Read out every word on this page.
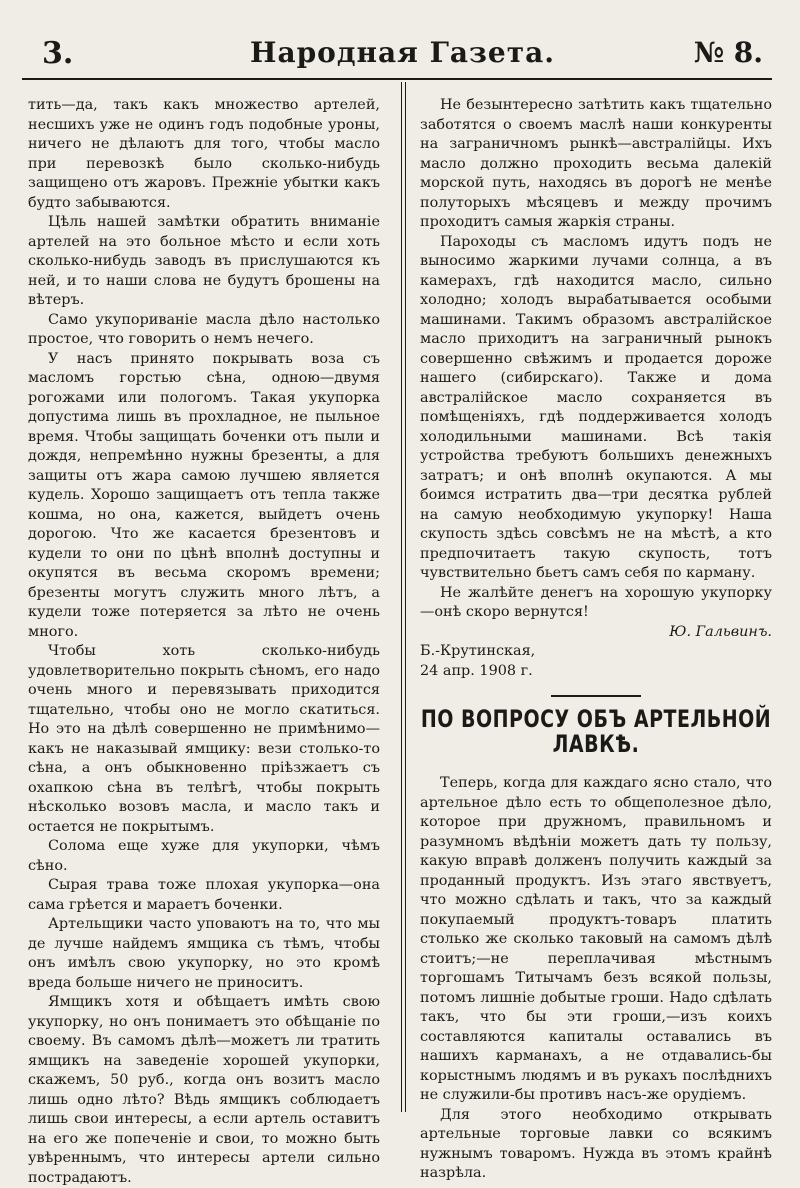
3.	Народная Газета.	№ 8.

тить—да, такъ какъ множество артелей, несшихъ уже не одинъ годъ подобные уроны, ничего не дѣлаютъ для того, чтобы масло при перевозкѣ было сколько-нибудь защищено отъ жаровъ. Прежніе убытки какъ будто забываются.

Цѣль нашей замѣтки обратить вниманіе артелей на это больное мѣсто и если хоть сколько-нибудь заводъ въ прислушаются къ ней, и то наши слова не будутъ брошены на вѣтеръ.

Само укупориваніе масла дѣло настолько простое, что говорить о немъ нечего.

У насъ принято покрывать воза съ масломъ горстью сѣна, одною—двумя рогожами или пологомъ. Такая укупорка допустима лишь въ прохладное, не пыльное время. Чтобы защищать боченки отъ пыли и дождя, непремѣнно нужны брезенты, а для защиты отъ жара самою лучшею является кудель. Хорошо защищаетъ отъ тепла также кошма, но она, кажется, выйдетъ очень дорогою. Что же касается брезентовъ и кудели то они по цѣнѣ вполнѣ доступны и окупятся въ весьма скоромъ времени; брезенты могутъ служить много лѣтъ, а кудели тоже потеряется за лѣто не очень много.

Чтобы хоть сколько-нибудь удовлетворительно покрыть сѣномъ, его надо очень много и перевязывать приходится тщательно, чтобы оно не могло скатиться. Но это на дѣлѣ совершенно не примѣнимо—какъ не наказывай ямщику: вези столько-то сѣна, а онъ обыкновенно пріѣзжаетъ съ охапкою сѣна въ телѣгѣ, чтобы покрыть нѣсколько возовъ масла, и масло такъ и остается не покрытымъ.

Солома еще хуже для укупорки, чѣмъ сѣно.

Сырая трава тоже плохая укупорка—она сама грѣется и мараетъ боченки.

Артельщики часто уповаютъ на то, что мы де лучше найдемъ ямщика съ тѣмъ, чтобы онъ имѣлъ свою укупорку, но это кромѣ вреда больше ничего не приноситъ.

Ямщикъ хотя и обѣщаетъ имѣть свою укупорку, но онъ понимаетъ это обѣщаніе по своему. Въ самомъ дѣлѣ—можетъ ли тратить ямщикъ на заведеніе хорошей укупорки, скажемъ, 50 руб., когда онъ возитъ масло лишь одно лѣто? Вѣдь ямщикъ соблюдаетъ лишь свои интересы, а если артель оставитъ на его же попеченіе и свои, то можно быть увѣреннымъ, что интересы артели сильно пострадаютъ.

Не безынтересно затѣтить какъ тщательно заботятся о своемъ маслѣ наши конкуренты на заграничномъ рынкѣ—австралійцы. Ихъ масло должно проходить весьма далекій морской путь, находясь въ дорогѣ не менѣе полуторыхъ мѣсяцевъ и между прочимъ проходитъ самыя жаркія страны.

Пароходы съ масломъ идутъ подъ не выносимо жаркими лучами солнца, а въ камерахъ, гдѣ находится масло, сильно холодно; холодъ вырабатывается особыми машинами. Такимъ образомъ австралійское масло приходитъ на заграничный рынокъ совершенно свѣжимъ и продается дороже нашего (сибирскаго). Также и дома австралійское масло сохраняется въ помѣщеніяхъ, гдѣ поддерживается холодъ холодильными машинами. Всѣ такія устройства требуютъ большихъ денежныхъ затратъ; и онѣ вполнѣ окупаются. А мы боимся истратить два—три десятка рублей на самую необходимую укупорку! Наша скупость здѣсь совсѣмъ не на мѣстѣ, а кто предпочитаетъ такую скупость, тотъ чувствительно бьетъ самъ себя по карману.

Не жалѣйте денегъ на хорошую укупорку—онѣ скоро вернутся!

Ю. Гальвинъ.

Б.-Крутинская,

24 апр. 1908 г.

ПО ВОПРОСУ ОБЪ АРТЕЛЬНОЙ ЛАВКѢ.

Теперь, когда для каждаго ясно стало, что артельное дѣло есть то общеполезное дѣло, которое при дружномъ, правильномъ и разумномъ вѣдѣніи можетъ дать ту пользу, какую вправѣ долженъ получить каждый за проданный продуктъ. Изъ этаго явствуетъ, что можно сдѣлать и такъ, что за каждый покупаемый продуктъ-товаръ платить столько же сколько таковый на самомъ дѣлѣ стоитъ;—не переплачивая мѣстнымъ торгошамъ Титычамъ безъ всякой пользы, потомъ лишніе добытые гроши. Надо сдѣлать такъ, что бы эти гроши,—изъ коихъ составляются капиталы оставались въ нашихъ карманахъ, а не отдавались-бы корыстнымъ людямъ и въ рукахъ послѣднихъ не служили-бы противъ насъ-же орудіемъ.

Для этого необходимо открывать артельные торговые лавки со всякимъ нужнымъ товаромъ. Нужда въ этомъ крайнѣ назрѣла.
